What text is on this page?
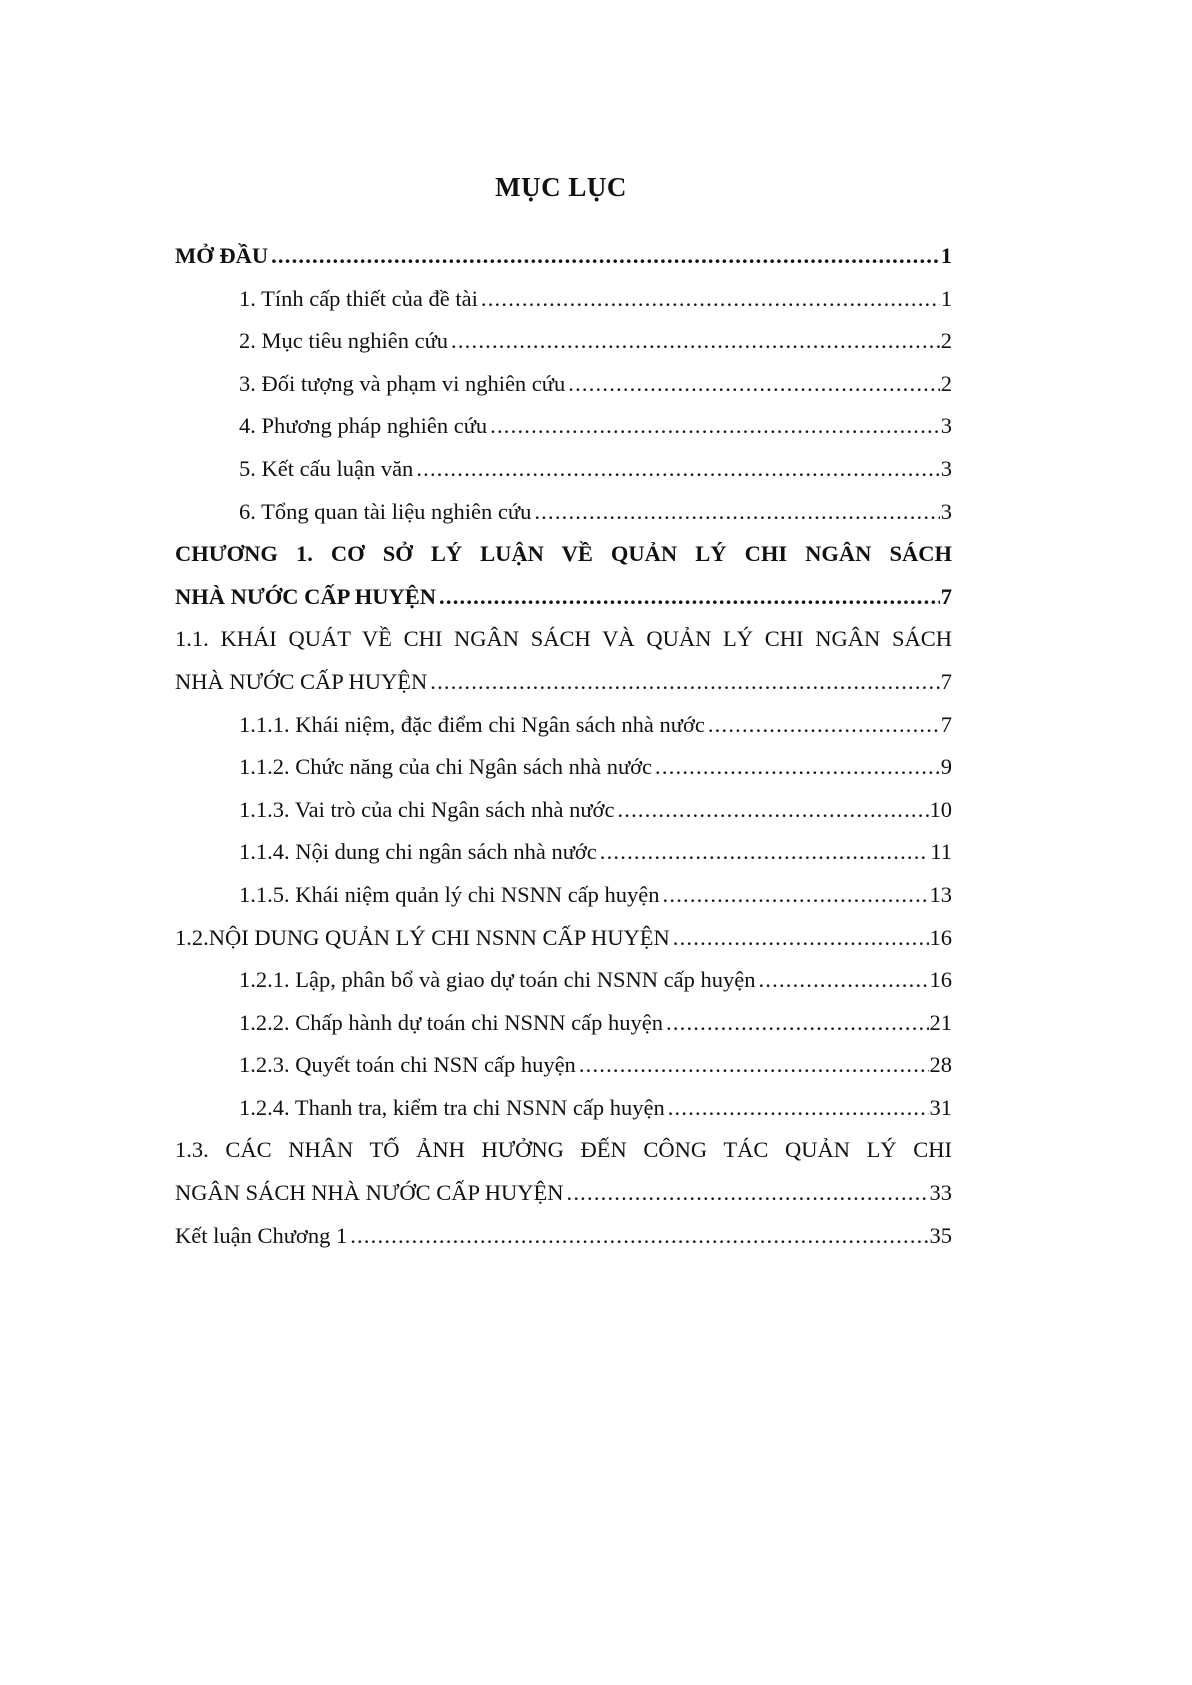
MỤC LỤC
MỞ ĐẦU .....	1
1. Tính cấp thiết của đề tài .....	1
2. Mục tiêu nghiên cứu .....	2
3. Đối tượng và phạm vi nghiên cứu .....	2
4. Phương pháp nghiên cứu .....	3
5. Kết cấu luận văn .....	3
6. Tổng quan tài liệu nghiên cứu .....	3
CHƯƠNG 1. CƠ SỞ LÝ LUẬN VỀ QUẢN LÝ CHI NGÂN SÁCH
NHÀ NƯỚC CẤP HUYỆN .....	7
1.1. KHÁI QUÁT VỀ CHI NGÂN SÁCH VÀ QUẢN LÝ CHI NGÂN SÁCH
NHÀ NƯỚC CẤP HUYỆN .....	7
1.1.1. Khái niệm, đặc điểm chi Ngân sách nhà nước .....	7
1.1.2. Chức năng của chi Ngân sách nhà nước .....	9
1.1.3. Vai trò của chi Ngân sách nhà nước .....	10
1.1.4. Nội dung chi ngân sách nhà nước .....	11
1.1.5. Khái niệm quản lý chi NSNN cấp huyện .....	13
1.2.NỘI DUNG QUẢN LÝ CHI NSNN CẤP HUYỆN .....	16
1.2.1. Lập, phân bổ và giao dự toán chi NSNN cấp huyện .....	16
1.2.2. Chấp hành dự toán chi NSNN cấp huyện .....	21
1.2.3. Quyết toán chi NSN cấp huyện .....	28
1.2.4. Thanh tra, kiểm tra chi NSNN cấp huyện .....	31
1.3. CÁC NHÂN TỐ ẢNH HƯỞNG ĐẾN CÔNG TÁC QUẢN LÝ CHI
NGÂN SÁCH NHÀ NƯỚC CẤP HUYỆN .....	33
Kết luận Chương 1 .....	35
